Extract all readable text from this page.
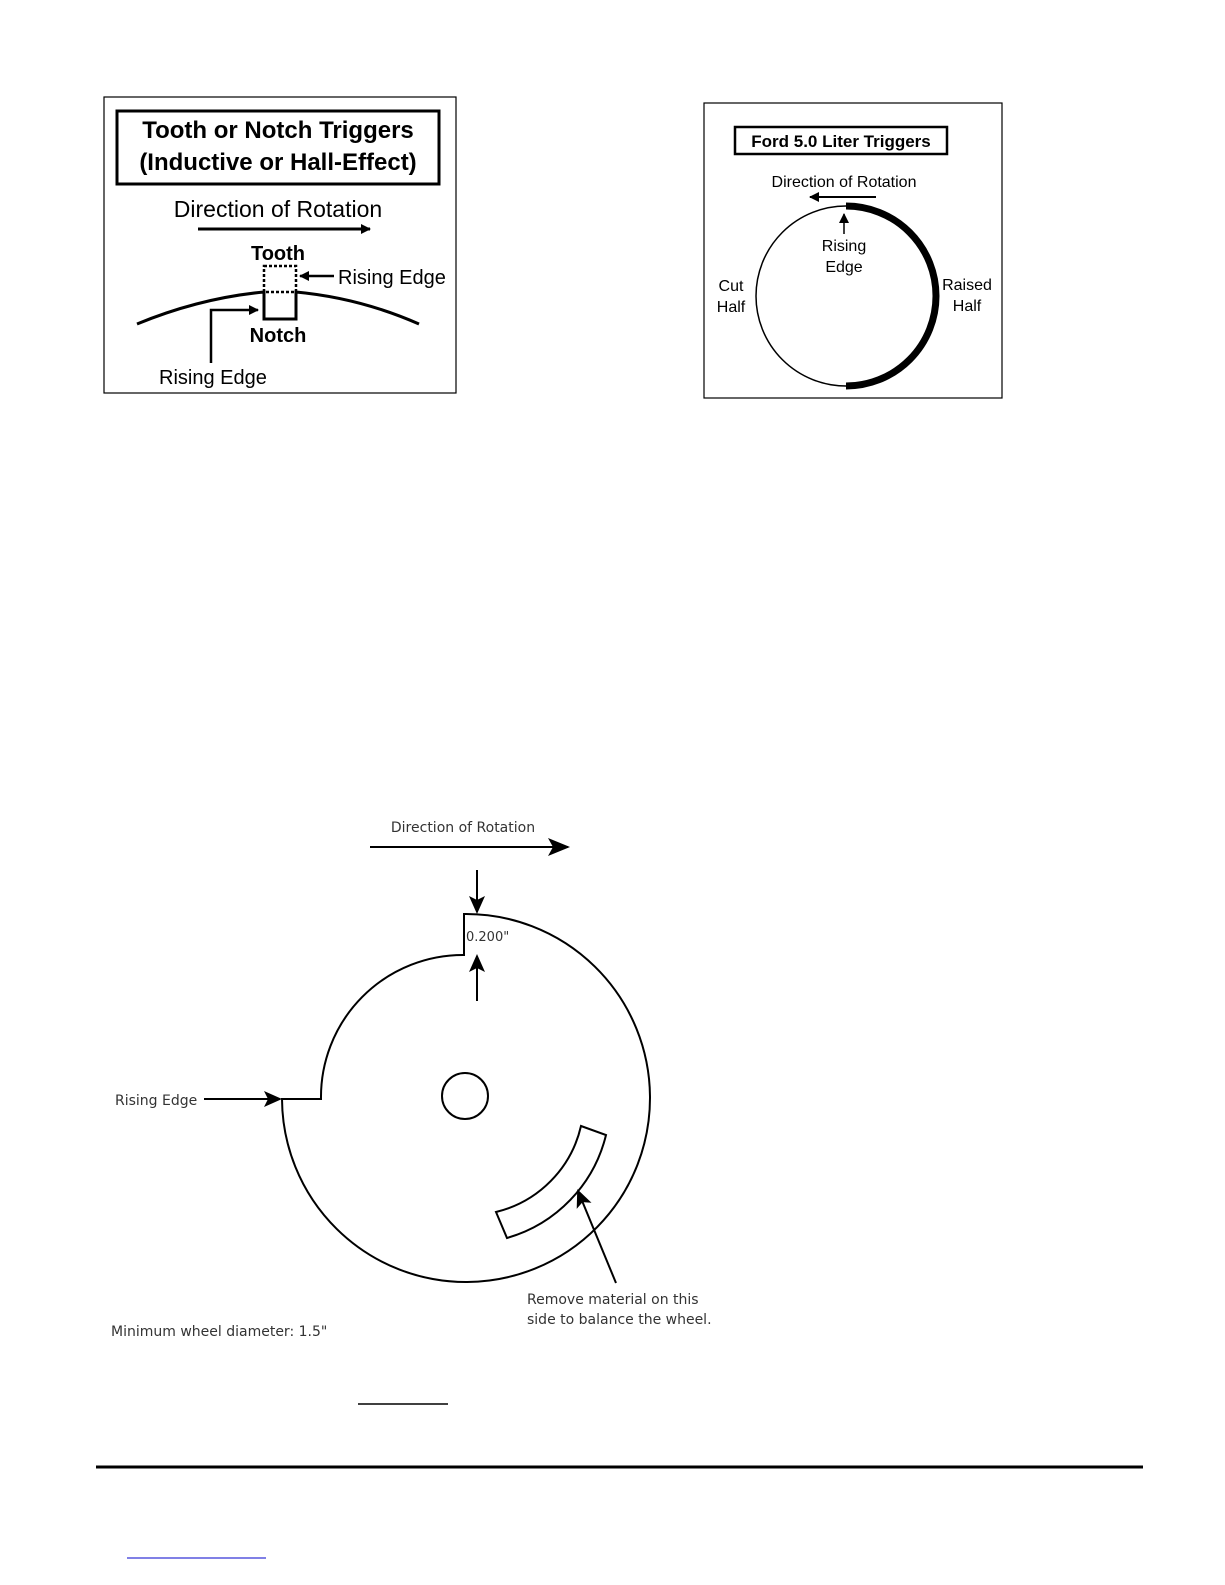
Tooth or Notch Triggers
(Inductive or Hall-Effect)
Direction of Rotation
Tooth
Notch
Rising Edge
Rising Edge
Ford 5.0 Liter Triggers
Direction of Rotation
Rising
Edge
Cut
Half
Raised
Half
Direction of Rotation
0.200"
Rising Edge
Remove material on this
side to balance the wheel.
Minimum wheel diameter: 1.5"
